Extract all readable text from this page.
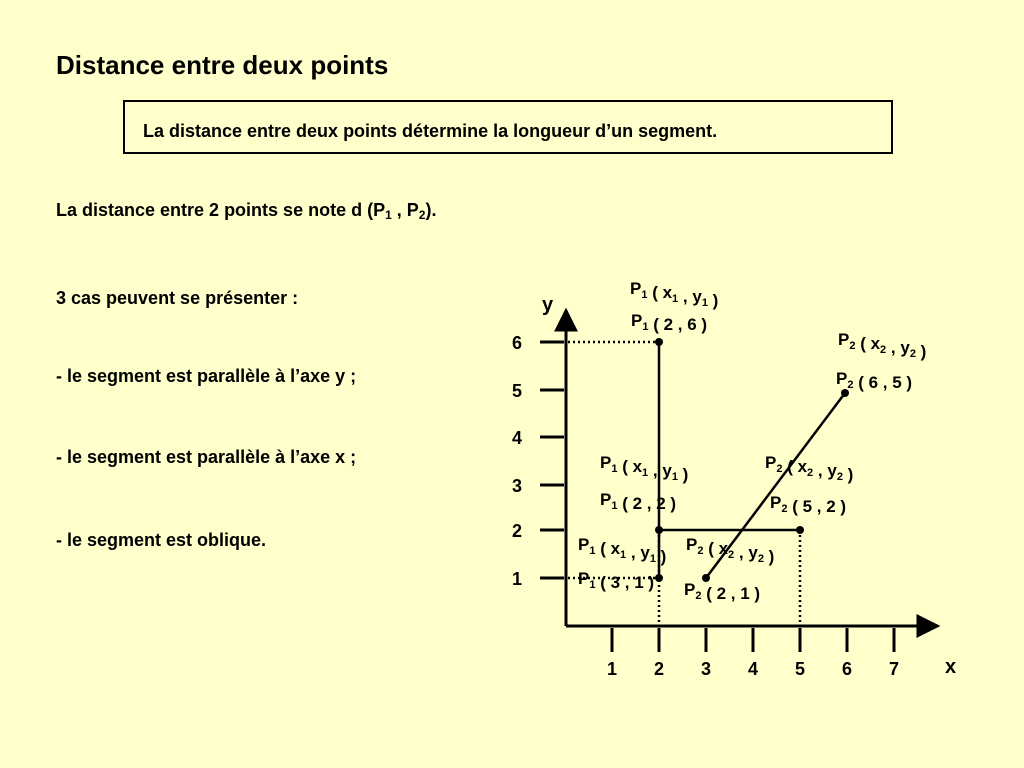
Distance entre deux points
La distance entre deux points détermine la longueur d’un segment.
La distance entre 2 points se note d ($P_1$ , $P_2$).
3 cas peuvent se présenter :
- le segment est parallèle à l’axe y ;
- le segment est parallèle à l’axe x ;
- le segment est oblique.
x
y
1 2 3 4 5 6 7
1
2
3
4
5
6
$P_1$ ( $x_1$ , $y_1$ )
$P_1$ ( 2 , 6 )
$P_2$ ( $x_2$ , $y_2$ )
$P_2$ ( 6 , 5 )
$P_1$ ( $x_1$ , $y_1$ )
$P_2$ ( $x_2$ , $y_2$ )
$P_1$ ( 2 , 2 )	$P_2$ ( 5 , 2 )
$P_1$ ( $x_1$ , $y_1$ )
$P_2$ ( $x_2$ , $y_2$ )
$P_1$ ( 3 , 1 ) $P_2$ ( 2 , 1 )
